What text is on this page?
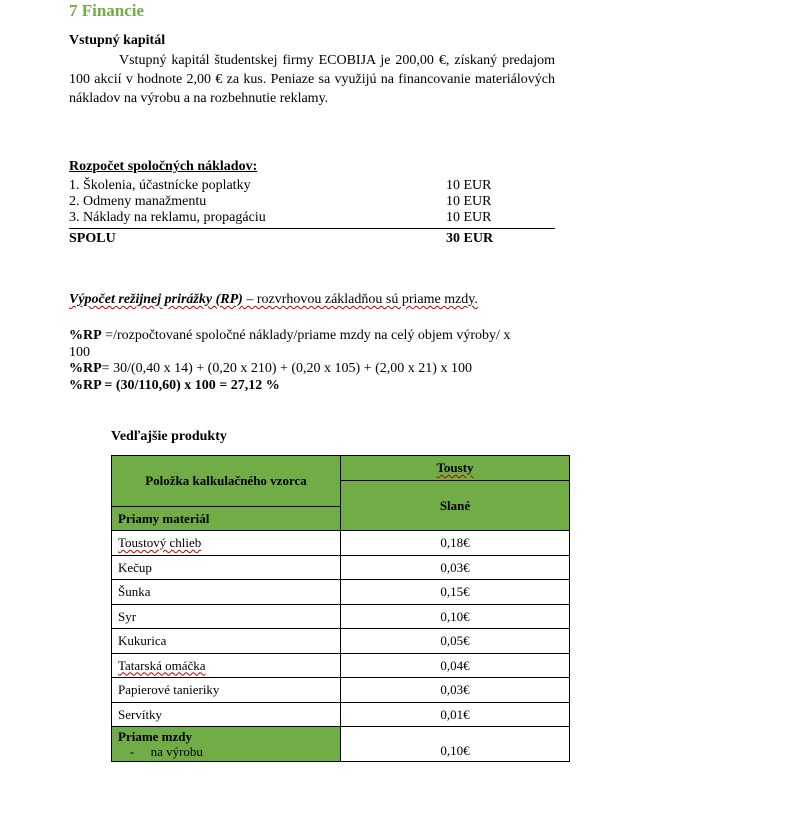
7 Financie
Vstupný kapitál
Vstupný kapitál študentskej firmy ECOBIJA je 200,00 €, získaný predajom 100 akcií v hodnote 2,00 € za kus. Peniaze sa využijú na financovanie materiálových nákladov na výrobu a na rozbehnutie reklamy.
Rozpočet spoločných nákladov:
1. Školenia, účastnícke poplatky	10 EUR
2. Odmeny manažmentu	10 EUR
3. Náklady na reklamu, propagáciu	10 EUR
SPOLU	30 EUR
Výpočet režijnej prirážky (RP) – rozvrhovou základňou sú priame mzdy.
%RP =/rozpočtované spoločné náklady/priame mzdy na celý objem výroby/ x
100
%RP= 30/(0,40 x 14) + (0,20 x 210) + (0,20 x 105) + (2,00 x 21) x 100
%RP = (30/110,60) x 100 = 27,12 %
Vedľajšie produkty
Položka kalkulačného vzorca	Tousty
	Slané
Priamy materiál	
Toustový chlieb	0,18€
Kečup	0,03€
Šunka	0,15€
Syr	0,10€
Kukurica	0,05€
Tatarská omáčka	0,04€
Papierové tanieriky	0,03€
Servítky	0,01€

Priame mzdy
-     na výrobu	0,10€
